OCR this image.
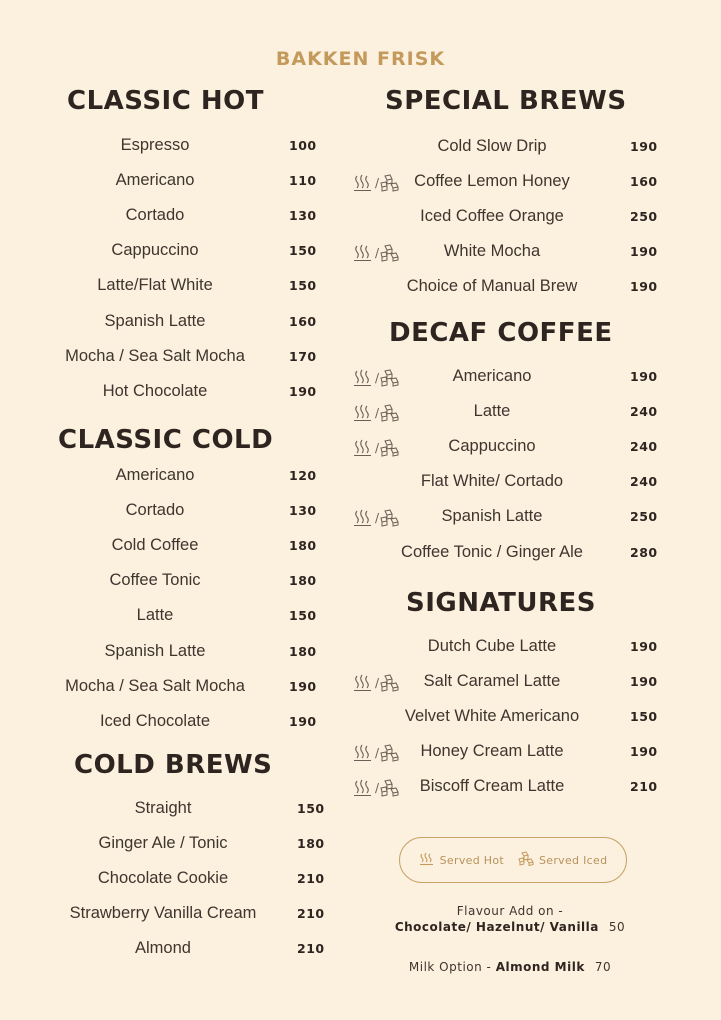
BAKKEN FRISK
CLASSIC HOT
Espresso	100
Americano	110
Cortado	130
Cappuccino	150
Latte/Flat White	150
Spanish Latte	160
Mocha / Sea Salt Mocha	170
Hot Chocolate	190
CLASSIC COLD
Americano	120
Cortado	130
Cold Coffee	180
Coffee Tonic	180
Latte	150
Spanish Latte	180
Mocha / Sea Salt Mocha	190
Iced Chocolate	190
COLD BREWS
Straight	150
Ginger Ale / Tonic	180
Chocolate Cookie	210
Strawberry Vanilla Cream	210
Almond	210
SPECIAL BREWS
Cold Slow Drip	190
/	Coffee Lemon Honey	160
Iced Coffee Orange	250
/	White Mocha	190
Choice of Manual Brew	190
DECAF COFFEE
/	Americano	190
/	Latte	240
/	Cappuccino	240
Flat White/ Cortado	240
/	Spanish Latte	250
Coffee Tonic / Ginger Ale	280
SIGNATURES
Dutch Cube Latte	190
/	Salt Caramel Latte	190
Velvet White Americano	150
/	Honey Cream Latte	190
/	Biscoff Cream Latte	210
Served Hot	Served Iced
Flavour Add on -
Chocolate/ Hazelnut/ Vanilla 50
Milk Option - Almond Milk 70
